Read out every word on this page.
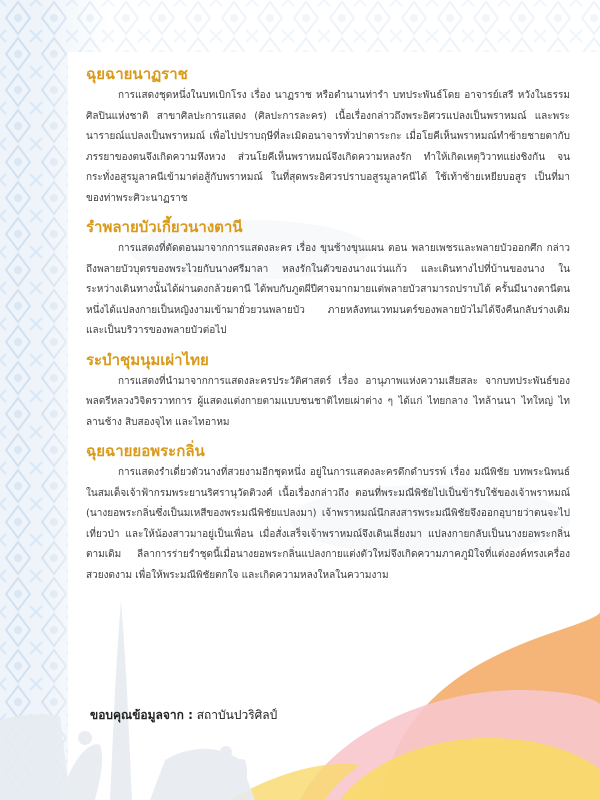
ฉุยฉายนาฏราช

การแสดงชุดหนึ่งในบทเบิกโรง เรื่อง นาฏราช หรือตำนานท่ารำ บทประพันธ์โดย อาจารย์เสรี หวังในธรรม ศิลปินแห่งชาติ สาขาศิลปะการแสดง (ศิลปะการละคร) เนื้อเรื่องกล่าวถึงพระอิศวรแปลงเป็นพราหมณ์ และพระนารายณ์แปลงเป็นพราหมณ์ เพื่อไปปราบฤษีที่ละเมิดอนาจารทั่วปาตาระกะ เมื่อโยคีเห็นพราหมณ์ทำซ้ายชายตากับภรรยาของตนจึงเกิดความหึงหวง ส่วนโยคีเห็นพราหมณ์จึงเกิดความหลงรัก ทำให้เกิดเหตุวิวาทแย่งชิงกัน จนกระทั่งอสูรมูลาคนีเข้ามาต่อสู้กับพราหมณ์ ในที่สุดพระอิศวรปราบอสูรมูลาคนีได้ ใช้เท้าซ้ายเหยียบอสูร เป็นที่มาของท่าพระศิวะนาฏราช

รำพลายบัวเกี้ยวนางตานี

การแสดงที่ตัดตอนมาจากการแสดงละคร เรื่อง ขุนช้างขุนแผน ตอน พลายเพชรและพลายบัวออกศึก กล่าวถึงพลายบัวบุตรของพระไวยกับนางศรีมาลา หลงรักในตัวของนางแว่นแก้ว และเดินทางไปที่บ้านของนาง ในระหว่างเดินทางนั้นได้ผ่านดงกล้วยตานี ได้พบกับภูตผีปีศาจมากมายแต่พลายบัวสามารถปราบได้ ครั้นมีนางตานีตนหนึ่งได้แปลงกายเป็นหญิงงามเข้ามายั่วยวนพลายบัว ภายหลังทนเวทมนตร์ของพลายบัวไม่ได้จึงคืนกลับร่างเดิม และเป็นบริวารของพลายบัวต่อไป

ระบำชุมนุมเผ่าไทย

การแสดงที่นำมาจากการแสดงละครประวัติศาสตร์ เรื่อง อานุภาพแห่งความเสียสละ จากบทประพันธ์ของ พลตรีหลวงวิจิตรวาทการ ผู้แสดงแต่งกายตามแบบชนชาติไทยเผ่าต่าง ๆ ได้แก่ ไทยกลาง ไทล้านนา ไทใหญ่ ไทลานช้าง สิบสองจุไท และไทอาหม

ฉุยฉายยอพระกลิ่น

การแสดงรำเดี่ยวตัวนางที่สวยงามอีกชุดหนึ่ง อยู่ในการแสดงละครดึกดำบรรพ์ เรื่อง มณีพิชัย บทพระนิพนธ์ในสมเด็จเจ้าฟ้ากรมพระยานริศรานุวัดติวงศ์ เนื้อเรื่องกล่าวถึง ตอนที่พระมณีพิชัยไปเป็นข้ารับใช้ของเจ้าพราหมณ์ (นางยอพระกลิ่นซึ่งเป็นมเหสีของพระมณีพิชัยแปลงมา) เจ้าพราหมณ์นึกสงสารพระมณีพิชัยจึงออกอุบายว่าตนจะไปเที่ยวป่า และให้น้องสาวมาอยู่เป็นเพื่อน เมื่อสั่งเสร็จเจ้าพราหมณ์จึงเดินเลี่ยงมา แปลงกายกลับเป็นนางยอพระกลิ่นตามเดิม ลีลาการร่ายรำชุดนี้เมื่อนางยอพระกลิ่นแปลงกายแต่งตัวใหม่จึงเกิดความภาคภูมิใจที่แต่งองค์ทรงเครื่องสวยงดงาม เพื่อให้พระมณีพิชัยตกใจ และเกิดความหลงใหลในความงาม

ขอบคุณข้อมูลจาก : สถาบันปวริศิลป์
